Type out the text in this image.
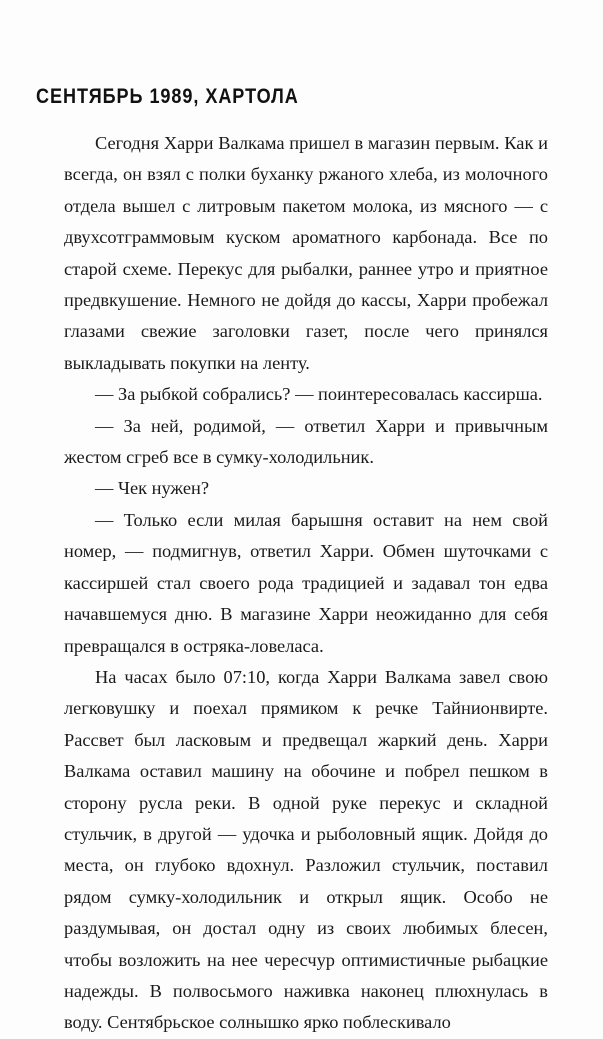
СЕНТЯБРЬ 1989, ХАРТОЛА

Сегодня Харри Валкама пришел в магазин первым. Как и всегда, он взял с полки буханку ржаного хлеба, из молочного отдела вышел с литровым пакетом молока, из мясного — с двухсотграммовым куском ароматного карбонада. Все по старой схеме. Перекус для рыбалки, раннее утро и приятное предвкушение. Немного не дойдя до кассы, Харри пробежал глазами свежие заголовки газет, после чего принялся выкладывать покупки на ленту.

— За рыбкой собрались? — поинтересовалась кассирша.

— За ней, родимой, — ответил Харри и привычным жестом сгреб все в сумку-холодильник.

— Чек нужен?

— Только если милая барышня оставит на нем свой номер, — подмигнув, ответил Харри. Обмен шуточками с кассиршей стал своего рода традицией и задавал тон едва начавшемуся дню. В магазине Харри неожиданно для себя превращался в остряка-ловеласа.

На часах было 07:10, когда Харри Валкама завел свою легковушку и поехал прямиком к речке Тайнионвирте. Рассвет был ласковым и предвещал жаркий день. Харри Валкама оставил машину на обочине и побрел пешком в сторону русла реки. В одной руке перекус и складной стульчик, в другой — удочка и рыболовный ящик. Дойдя до места, он глубоко вдохнул. Разложил стульчик, поставил рядом сумку-холодильник и открыл ящик. Особо не раздумывая, он достал одну из своих любимых блесен, чтобы возложить на нее чересчур оптимистичные рыбацкие надежды. В полвосьмого наживка наконец плюхнулась в воду. Сентябрьское солнышко ярко поблескивало
